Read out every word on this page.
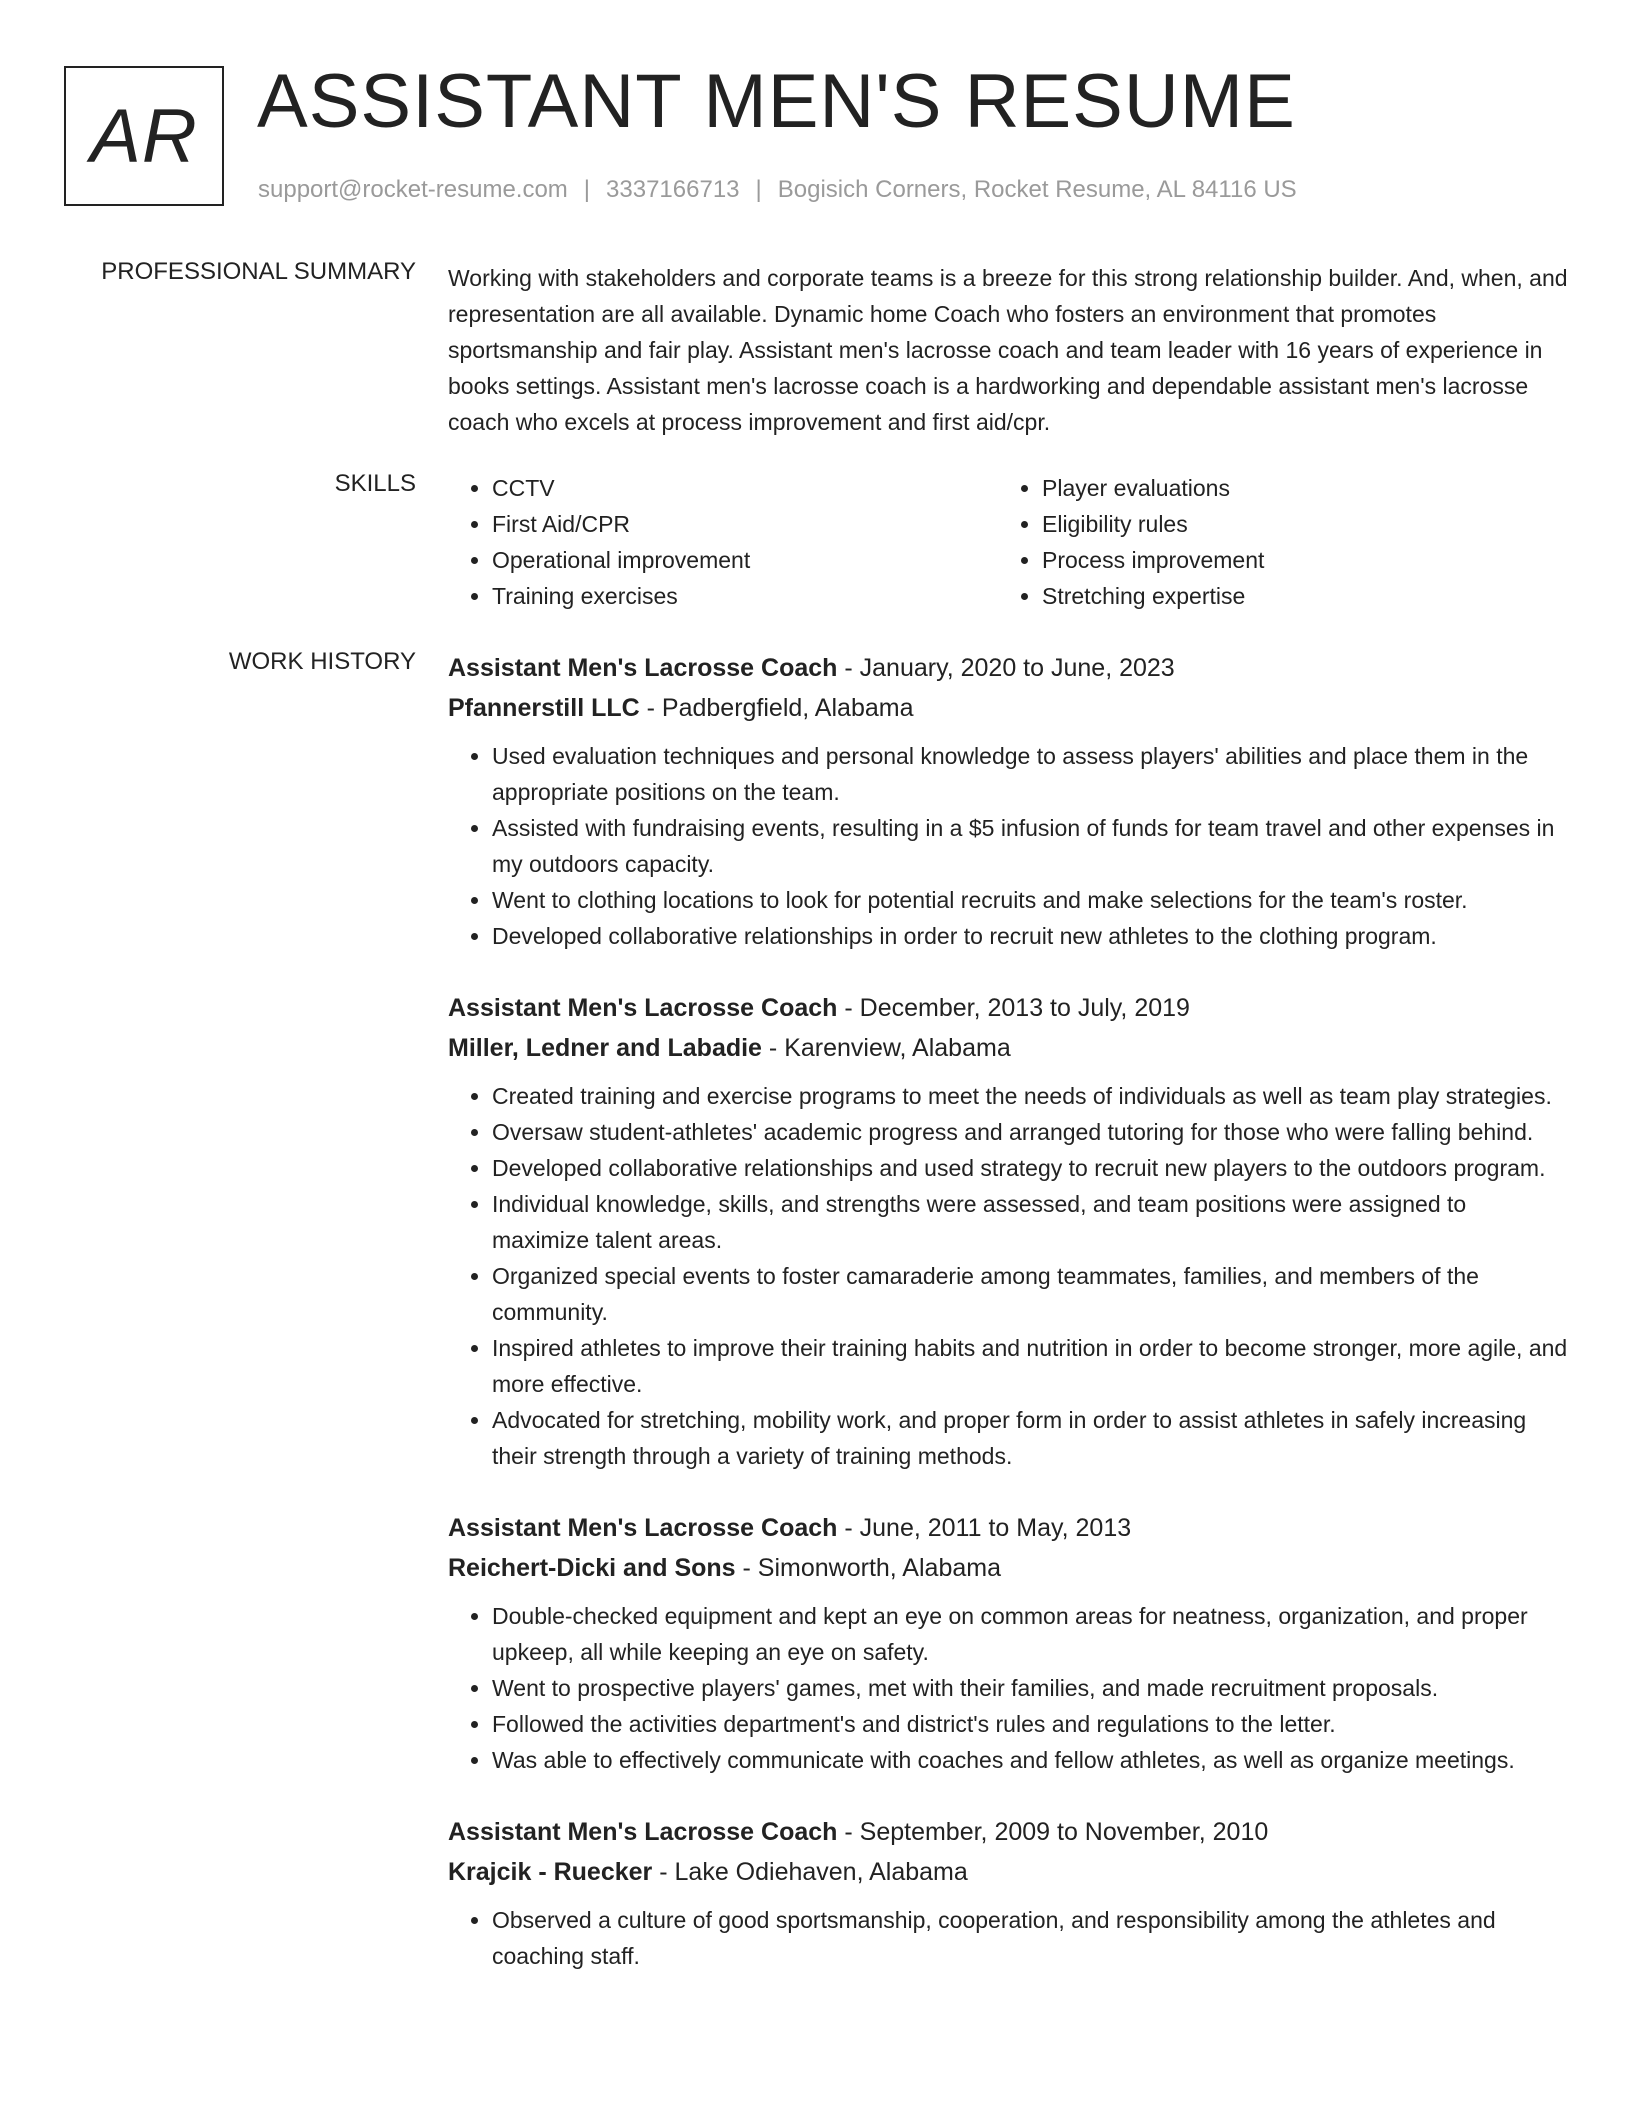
AR ASSISTANT MEN'S RESUME
support@rocket-resume.com | 3337166713 | Bogisich Corners, Rocket Resume, AL 84116 US
PROFESSIONAL SUMMARY Working with stakeholders and corporate teams is a breeze for this strong relationship builder. And, when, and representation are all available. Dynamic home Coach who fosters an environment that promotes sportsmanship and fair play. Assistant men's lacrosse coach and team leader with 16 years of experience in books settings. Assistant men's lacrosse coach is a hardworking and dependable assistant men's lacrosse coach who excels at process improvement and first aid/cpr.
SKILLS
•	CCTV
• First Aid/CPR
• Operational improvement
• Training exercises
• Player evaluations
• Eligibility rules
• Process improvement
• Stretching expertise
WORK HISTORY Assistant Men's Lacrosse Coach - January, 2020 to June, 2023
Pfannerstill LLC - Padbergfield, Alabama
• Used evaluation techniques and personal knowledge to assess players' abilities and place them in the appropriate positions on the team.
• Assisted with fundraising events, resulting in a $5 infusion of funds for team travel and other expenses in my outdoors capacity.
• Went to clothing locations to look for potential recruits and make selections for the team's roster.
• Developed collaborative relationships in order to recruit new athletes to the clothing program.
Assistant Men's Lacrosse Coach - December, 2013 to July, 2019
Miller, Ledner and Labadie - Karenview, Alabama
• Created training and exercise programs to meet the needs of individuals as well as team play strategies.
• Oversaw student-athletes' academic progress and arranged tutoring for those who were falling behind.
• Developed collaborative relationships and used strategy to recruit new players to the outdoors program.
• Individual knowledge, skills, and strengths were assessed, and team positions were assigned to maximize talent areas.
• Organized special events to foster camaraderie among teammates, families, and members of the community.
• Inspired athletes to improve their training habits and nutrition in order to become stronger, more agile, and more effective.
• Advocated for stretching, mobility work, and proper form in order to assist athletes in safely increasing their strength through a variety of training methods.
Assistant Men's Lacrosse Coach - June, 2011 to May, 2013
Reichert-Dicki and Sons - Simonworth, Alabama
• Double-checked equipment and kept an eye on common areas for neatness, organization, and proper upkeep, all while keeping an eye on safety.
• Went to prospective players' games, met with their families, and made recruitment proposals.
• Followed the activities department's and district's rules and regulations to the letter.
• Was able to effectively communicate with coaches and fellow athletes, as well as organize meetings.
Assistant Men's Lacrosse Coach - September, 2009 to November, 2010
Krajcik - Ruecker - Lake Odiehaven, Alabama
• Observed a culture of good sportsmanship, cooperation, and responsibility among the athletes and coaching staff.
